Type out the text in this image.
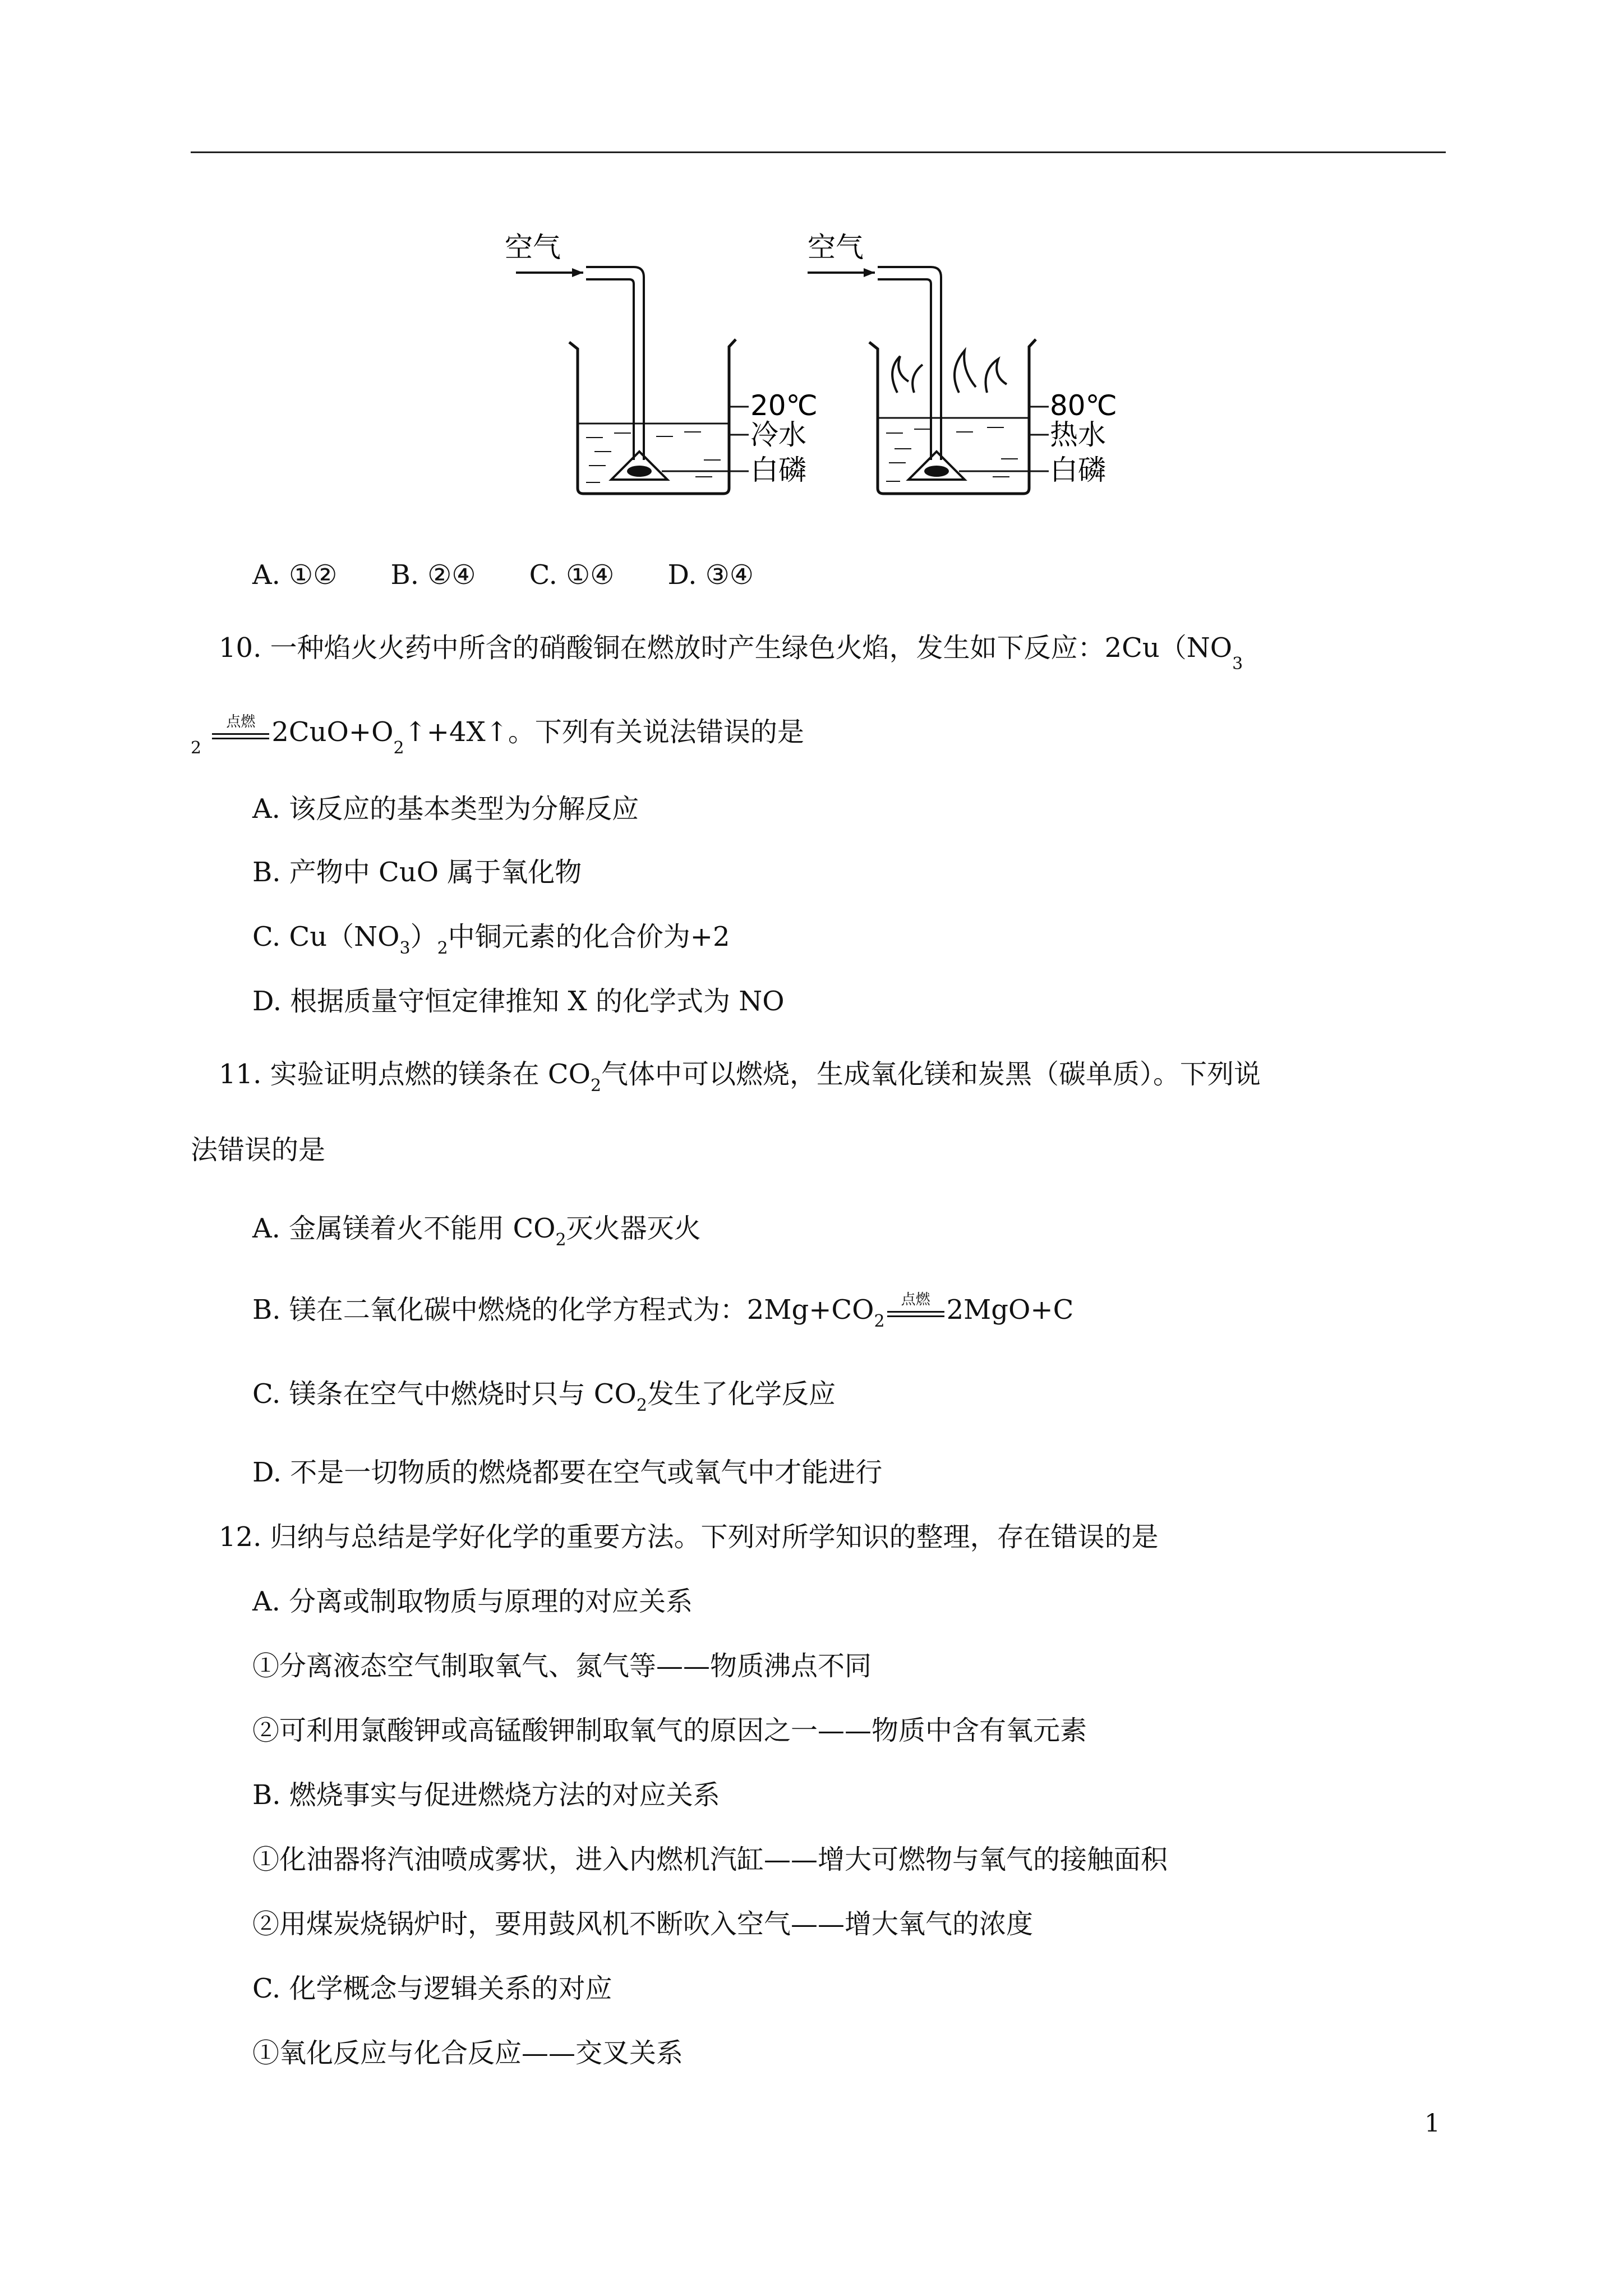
空气
20℃
冷水
白磷
空气
80℃
热水
白磷
A. ①② B. ②④ C. ①④ D. ③④
10. 一种焰火火药中所含的硝酸铜在燃放时产生绿色火焰，发生如下反应：$2Cu(NO_3$
$_2$
点燃 $2CuO+O_2↑+4X↑$。下列有关说法错误的是
A. 该反应的基本类型为分解反应
B. 产物中 CuO 属于氧化物
C. $Cu(NO_3)_2$中铜元素的化合价为+2
D. 根据质量守恒定律推知 X 的化学式为 NO
11. 实验证明点燃的镁条在 $CO_2$气体中可以燃烧，生成氧化镁和炭黑（碳单质）。下列说
法错误的是
A. 金属镁着火不能用 $CO_2$灭火器灭火
B. 镁在二氧化碳中燃烧的化学方程式为：$2Mg+CO_2$
点燃 2MgO+C
C. 镁条在空气中燃烧时只与 $CO_2$发生了化学反应
D. 不是一切物质的燃烧都要在空气或氧气中才能进行
12. 归纳与总结是学好化学的重要方法。下列对所学知识的整理，存在错误的是
A. 分离或制取物质与原理的对应关系
①分离液态空气制取氧气、氮气等——物质沸点不同
②可利用氯酸钾或高锰酸钾制取氧气的原因之一——物质中含有氧元素
B. 燃烧事实与促进燃烧方法的对应关系
①化油器将汽油喷成雾状，进入内燃机汽缸——增大可燃物与氧气的接触面积
②用煤炭烧锅炉时，要用鼓风机不断吹入空气——增大氧气的浓度
C. 化学概念与逻辑关系的对应
①氧化反应与化合反应——交叉关系
1
